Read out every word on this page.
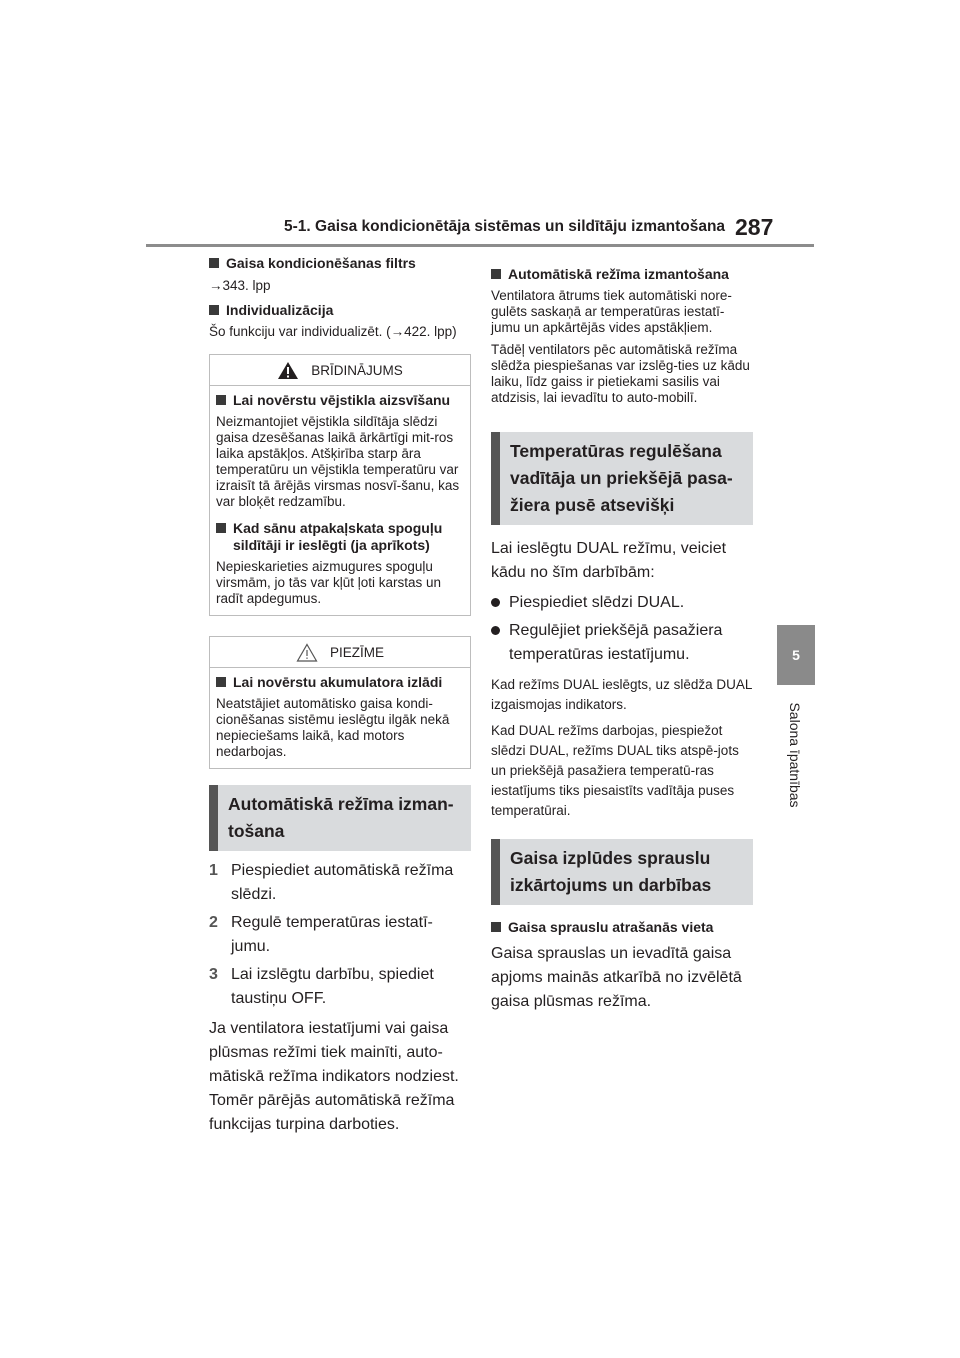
5-1. Gaisa kondicionētāja sistēmas un sildītāju izmantošana 287
5
Salona īpatnības

Gaisa kondicionēšanas filtrs

→343. lpp

Individualizācija

Šo funkciju var individualizēt. (→422. lpp)

BRĪDINĀJUMS

Lai novērstu vējstikla aizsvīšanu

Neizmantojiet vējstikla sildītāja slēdzi gaisa dzesēšanas laikā ārkārtīgi mit-ros laika apstākļos. Atšķirība starp āra temperatūru un vējstikla temperatūru var izraisīt tā ārējās virsmas nosvī-šanu, kas var bloķēt redzamību.

Kad sānu atpakaļskata spoguļu sildītāji ir ieslēgti (ja aprīkots)

Nepieskarieties aizmugures spoguļu virsmām, jo tās var kļūt ļoti karstas un radīt apdegumus.

PIEZĪME

Lai novērstu akumulatora izlādi

Neatstājiet automātisko gaisa kondi-cionēšanas sistēmu ieslēgtu ilgāk nekā nepieciešams laikā, kad motors nedarbojas.

Automātiskā režīma izman-tošana
1 Piespiediet automātiskā režīma slēdzi.
2 Regulē temperatūras iestatī-jumu.
3 Lai izslēgtu darbību, spiediet taustiņu OFF.

Ja ventilatora iestatījumi vai gaisa plūsmas režīmi tiek mainīti, auto-mātiskā režīma indikators nodziest. Tomēr pārējās automātiskā režīma funkcijas turpina darboties.

Automātiskā režīma izmantošana

Ventilatora ātrums tiek automātiski nore-gulēts saskaņā ar temperatūras iestatī-jumu un apkārtējās vides apstākļiem.

Tādēļ ventilators pēc automātiskā režīma slēdža piespiešanas var izslēg-ties uz kādu laiku, līdz gaiss ir pietiekami sasilis vai atdzisis, lai ievadītu to auto-mobilī.

Temperatūras regulēšana vadītāja un priekšējā pasa-žiera pusē atsevišķi

Lai ieslēgtu DUAL režīmu, veiciet kādu no šīm darbībām:

Piespiediet slēdzi DUAL.
Regulējiet priekšējā pasažiera temperatūras iestatījumu.

Kad režīms DUAL ieslēgts, uz slēdža DUAL izgaismojas indikators.

Kad DUAL režīms darbojas, piespiežot slēdzi DUAL, režīms DUAL tiks atspē-jots un priekšējā pasažiera temperatū-ras iestatījums tiks piesaistīts vadītāja puses temperatūrai.

Gaisa izplūdes sprauslu izkārtojums un darbības

Gaisa sprauslu atrašanās vieta

Gaisa sprauslas un ievadītā gaisa apjoms mainās atkarībā no izvēlētā gaisa plūsmas režīma.
